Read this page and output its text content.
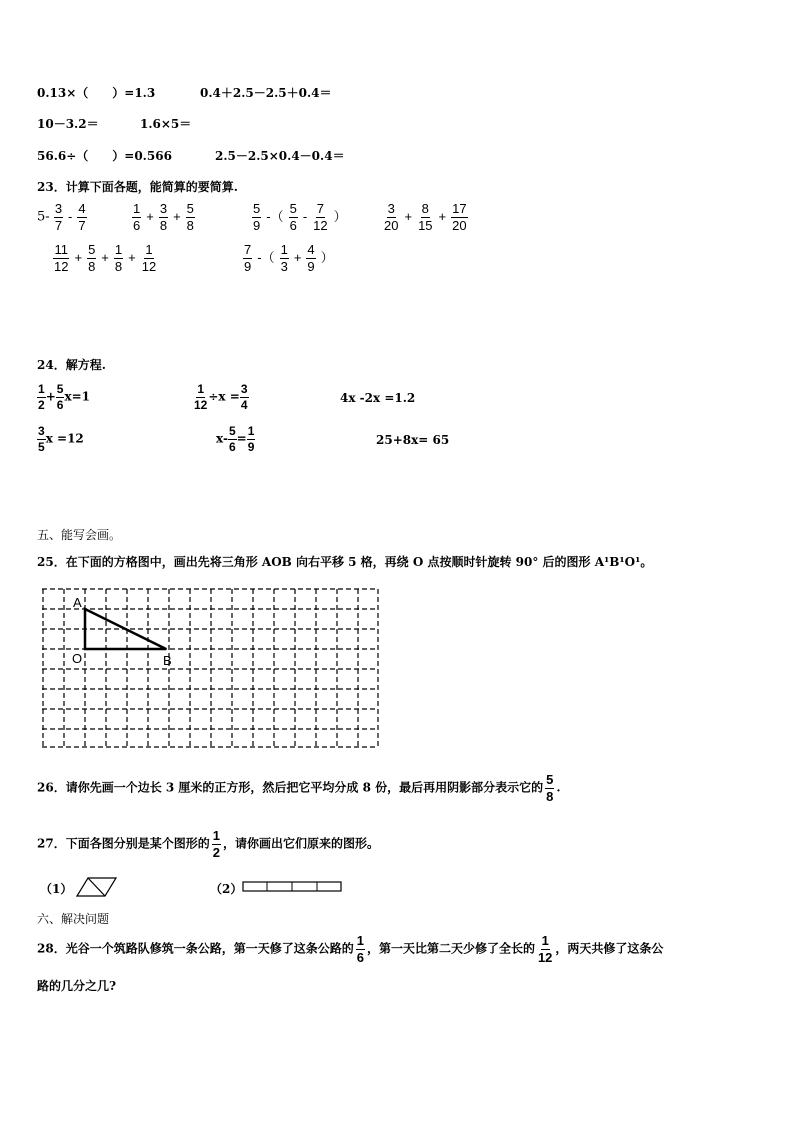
0.13×（　　）=1.3	0.4＋2.5－2.5＋0.4＝
10－3.2＝	1.6×5＝
56.6÷（　　）=0.566	2.5－2.5×0.4－0.4＝
23．计算下面各题，能简算的要简算.
$5- \frac{3}{7} - \frac{4}{7}$	$\frac{1}{6} + \frac{3}{8} + \frac{5}{8}$	$\frac{5}{9}$ -（ $\frac{5}{6} - \frac{7}{12}$ ）	$\frac{3}{20} + \frac{8}{15} + \frac{17}{20}$
$\frac{11}{12} + \frac{5}{8} + \frac{1}{8} + \frac{1}{12}$	$\frac{7}{9}$ -（ $\frac{1}{3} + \frac{4}{9}$ ）
24．解方程.
$\frac{1}{2} + \frac{5}{6} x=1$	$\frac{1}{12} \div x = \frac{3}{4}$	4x -2x =1.2
$\frac{3}{5}$ x =12	$x- \frac{5}{6} = \frac{1}{9}$	25+8x= 65
五、能写会画。
25．在下面的方格图中，画出先将三角形 AOB 向右平移 5 格，再绕 O 点按顺时针旋转 90° 后的图形 A¹B¹O¹。
A
O	B
26．请你先画一个边长 3 厘米的正方形，然后把它平均分成 8 份，最后再用阴影部分表示它的 $\frac{5}{8}$ .
27．下面各图分别是某个图形的 $\frac{1}{2}$ ，请你画出它们原来的图形。
（1）	（2）
六、解决问题
28．光谷一个筑路队修筑一条公路，第一天修了这条公路的 $\frac{1}{6}$ ，第一天比第二天少修了全长的 $\frac{1}{12}$ ，两天共修了这条公
路的几分之几?
